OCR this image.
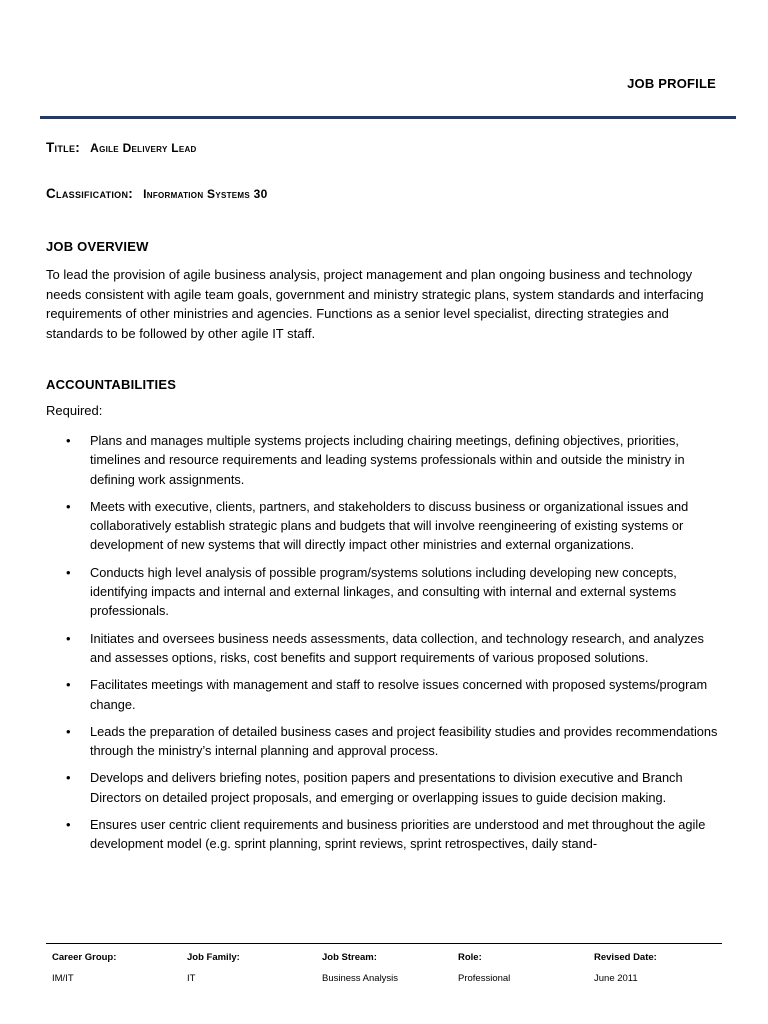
JOB PROFILE
Title: Agile Delivery Lead
Classification: Information Systems 30
JOB OVERVIEW
To lead the provision of agile business analysis, project management and plan ongoing business and technology needs consistent with agile team goals, government and ministry strategic plans, system standards and interfacing requirements of other ministries and agencies. Functions as a senior level specialist, directing strategies and standards to be followed by other agile IT staff.
ACCOUNTABILITIES
Required:
• Plans and manages multiple systems projects including chairing meetings, defining objectives, priorities, timelines and resource requirements and leading systems professionals within and outside the ministry in defining work assignments.
• Meets with executive, clients, partners, and stakeholders to discuss business or organizational issues and collaboratively establish strategic plans and budgets that will involve reengineering of existing systems or development of new systems that will directly impact other ministries and external organizations.
• Conducts high level analysis of possible program/systems solutions including developing new concepts, identifying impacts and internal and external linkages, and consulting with internal and external systems professionals.
• Initiates and oversees business needs assessments, data collection, and technology research, and analyzes and assesses options, risks, cost benefits and support requirements of various proposed solutions.
• Facilitates meetings with management and staff to resolve issues concerned with proposed systems/program change.
• Leads the preparation of detailed business cases and project feasibility studies and provides recommendations through the ministry’s internal planning and approval process.
• Develops and delivers briefing notes, position papers and presentations to division executive and Branch Directors on detailed project proposals, and emerging or overlapping issues to guide decision making.
• Ensures user centric client requirements and business priorities are understood and met throughout the agile development model (e.g. sprint planning, sprint reviews, sprint retrospectives, daily stand-
Career Group:	Job Family:	Job Stream:	Role:	Revised Date:
IM/IT	IT	Business Analysis	Professional	June 2011
